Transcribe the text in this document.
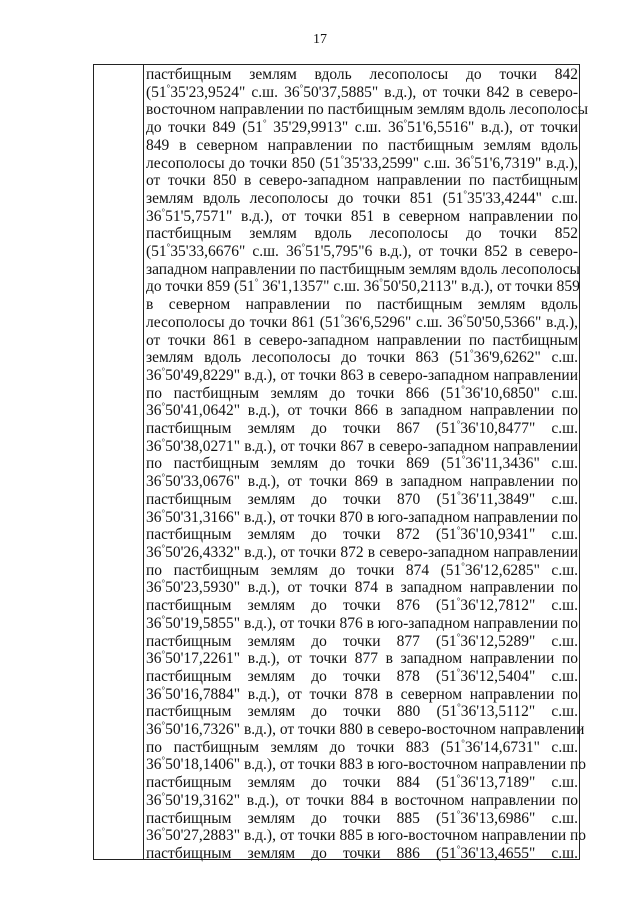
17
пастбищным землям вдоль лесополосы до точки 842
(51°35'23,9524" с.ш. 36°50'37,5885" в.д.), от точки 842 в северо-
восточном направлении по пастбищным землям вдоль лесополосы
до точки 849 (51° 35'29,9913" с.ш. 36°51'6,5516" в.д.), от точки
849 в северном направлении по пастбищным землям вдоль
лесополосы до точки 850 (51°35'33,2599" с.ш. 36°51'6,7319" в.д.),
от точки 850 в северо-западном направлении по пастбищным
землям вдоль лесополосы до точки 851 (51°35'33,4244" с.ш.
36°51'5,7571" в.д.), от точки 851 в северном направлении по
пастбищным землям вдоль лесополосы до точки 852
(51°35'33,6676" с.ш. 36°51'5,795"6 в.д.), от точки 852 в северо-
западном направлении по пастбищным землям вдоль лесополосы
до точки 859 (51° 36'1,1357" с.ш. 36°50'50,2113" в.д.), от точки 859
в северном направлении по пастбищным землям вдоль
лесополосы до точки 861 (51°36'6,5296" с.ш. 36°50'50,5366" в.д.),
от точки 861 в северо-западном направлении по пастбищным
землям вдоль лесополосы до точки 863 (51°36'9,6262" с.ш.
36°50'49,8229" в.д.), от точки 863 в северо-западном направлении
по пастбищным землям до точки 866 (51°36'10,6850" с.ш.
36°50'41,0642" в.д.), от точки 866 в западном направлении по
пастбищным землям до точки 867 (51°36'10,8477" с.ш.
36°50'38,0271" в.д.), от точки 867 в северо-западном направлении
по пастбищным землям до точки 869 (51°36'11,3436" с.ш.
36°50'33,0676" в.д.), от точки 869 в западном направлении по
пастбищным землям до точки 870 (51°36'11,3849" с.ш.
36°50'31,3166" в.д.), от точки 870 в юго-западном направлении по
пастбищным землям до точки 872 (51°36'10,9341" с.ш.
36°50'26,4332" в.д.), от точки 872 в северо-западном направлении
по пастбищным землям до точки 874 (51°36'12,6285" с.ш.
36°50'23,5930" в.д.), от точки 874 в западном направлении по
пастбищным землям до точки 876 (51°36'12,7812" с.ш.
36°50'19,5855" в.д.), от точки 876 в юго-западном направлении по
пастбищным землям до точки 877 (51°36'12,5289" с.ш.
36°50'17,2261" в.д.), от точки 877 в западном направлении по
пастбищным землям до точки 878 (51°36'12,5404" с.ш.
36°50'16,7884" в.д.), от точки 878 в северном направлении по
пастбищным землям до точки 880 (51°36'13,5112" с.ш.
36°50'16,7326" в.д.), от точки 880 в северо-восточном направлении
по пастбищным землям до точки 883 (51°36'14,6731" с.ш.
36°50'18,1406" в.д.), от точки 883 в юго-восточном направлении по
пастбищным землям до точки 884 (51°36'13,7189" с.ш.
36°50'19,3162" в.д.), от точки 884 в восточном направлении по
пастбищным землям до точки 885 (51°36'13,6986" с.ш.
36°50'27,2883" в.д.), от точки 885 в юго-восточном направлении по
пастбищным землям до точки 886 (51°36'13,4655" с.ш.
